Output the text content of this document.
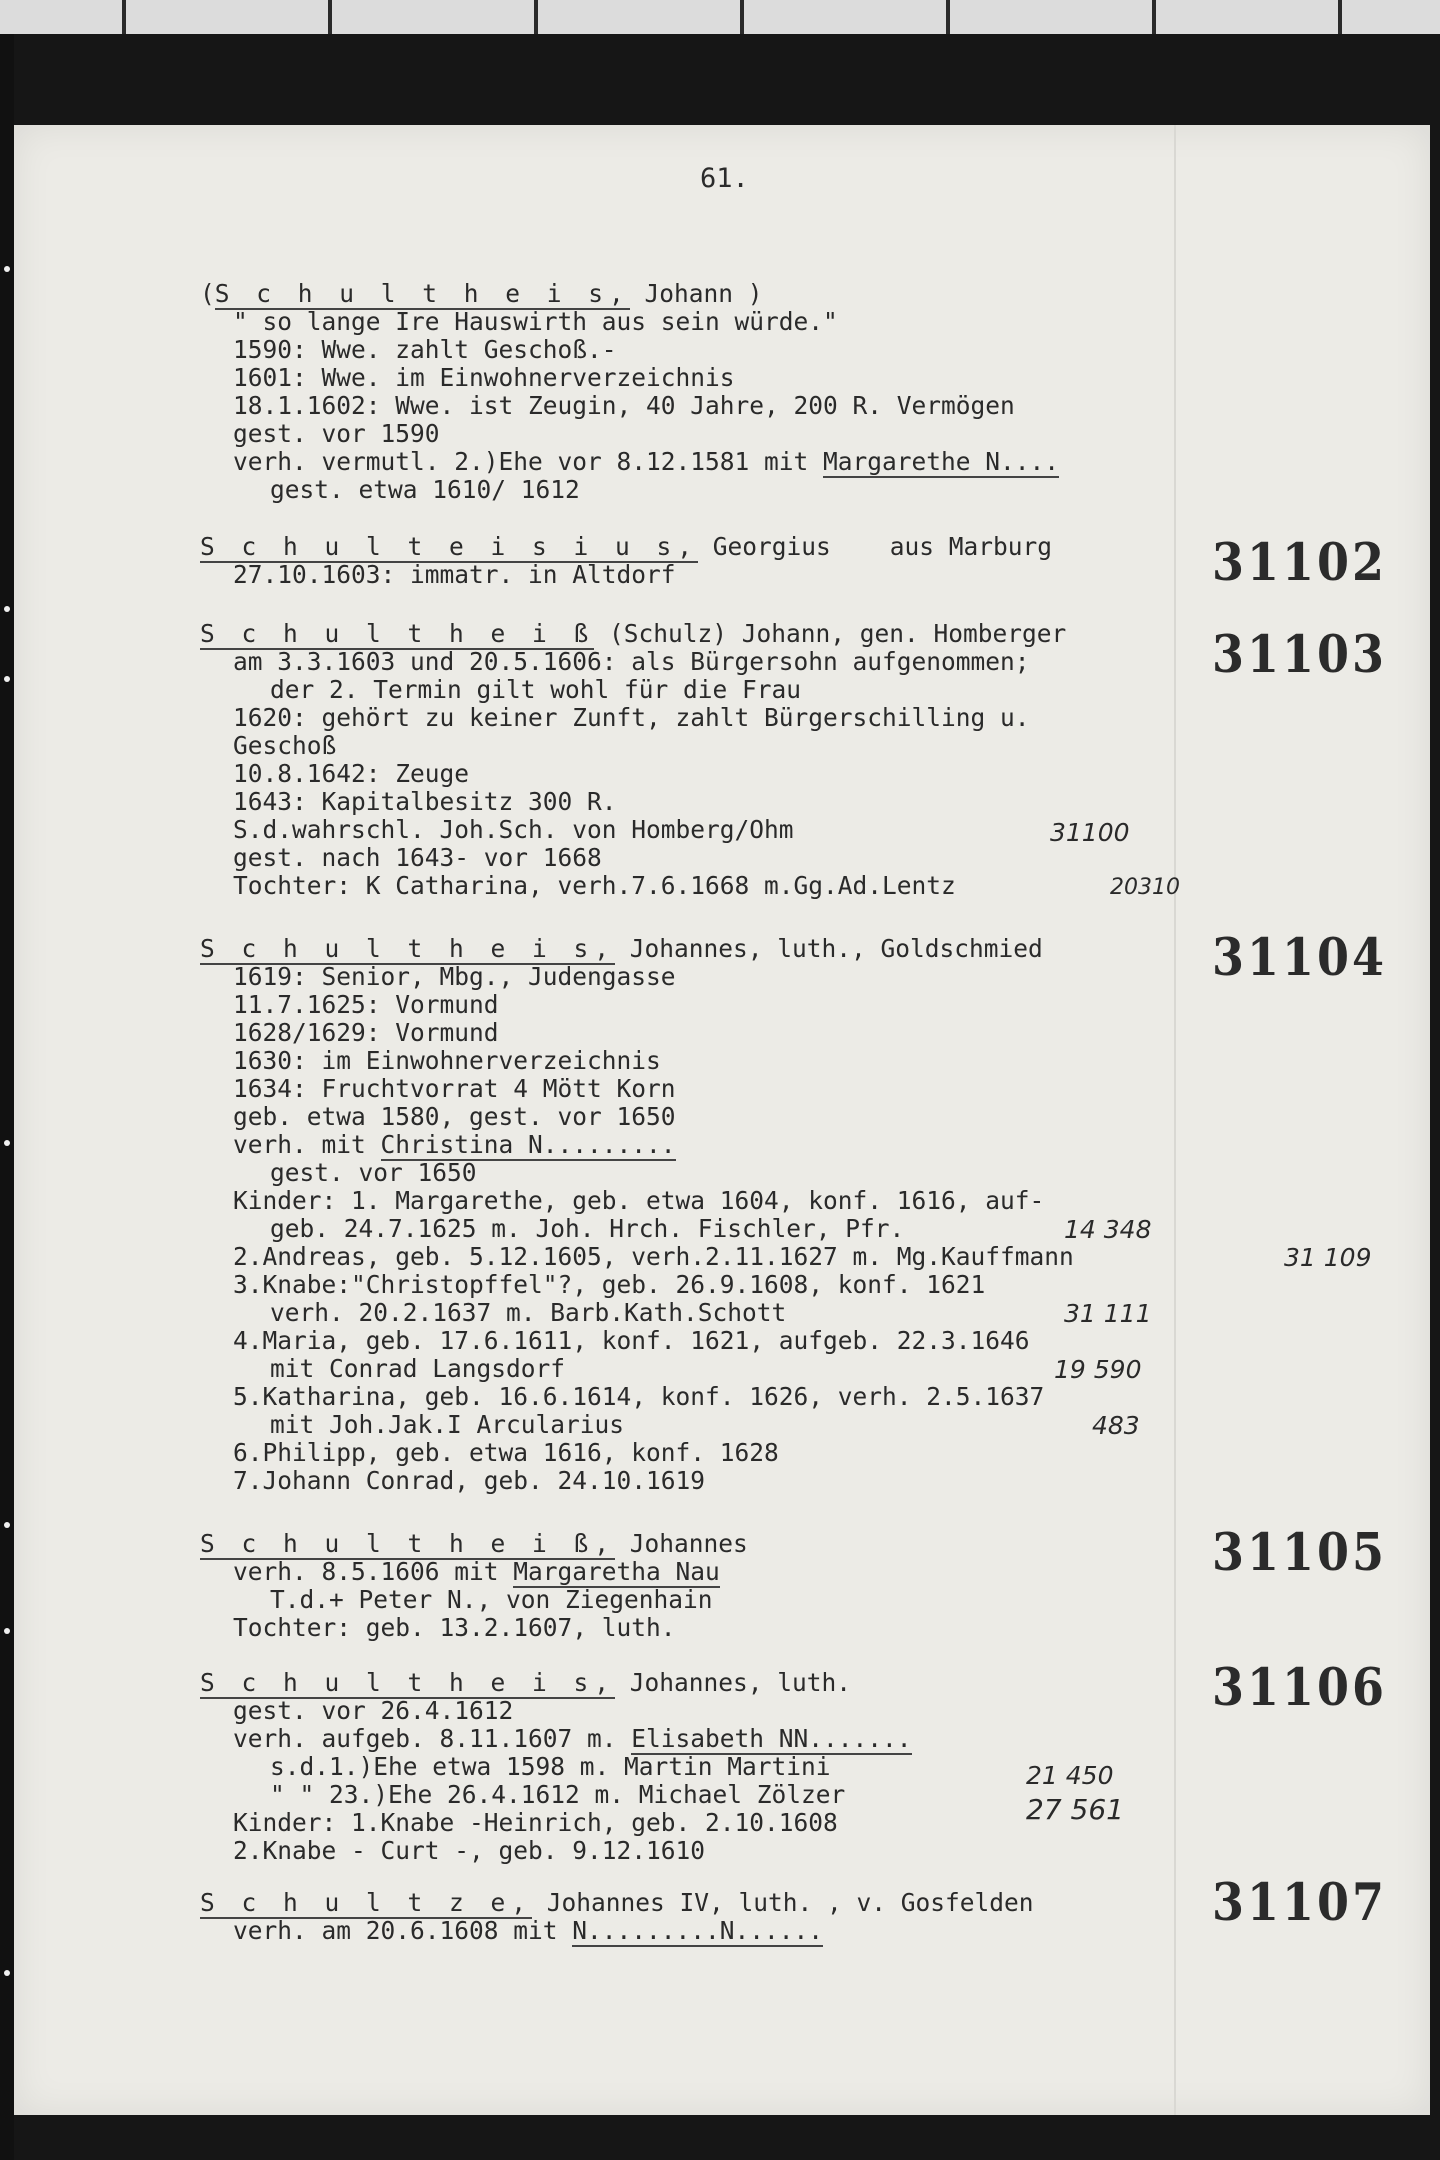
61.
(S c h u l t h e i s, Johann )
" so lange Ire Hauswirth aus sein würde."
1590: Wwe. zahlt Geschoß.-
1601: Wwe. im Einwohnerverzeichnis
18.1.1602: Wwe. ist Zeugin, 40 Jahre, 200 R. Vermögen
gest. vor 1590
verh. vermutl. 2.)Ehe vor 8.12.1581 mit Margarethe N....
gest. etwa 1610/ 1612
31102
S c h u l t e i s i u s, Georgius    aus Marburg
27.10.1603: immatr. in Altdorf
31103
S c h u l t h e i ß (Schulz) Johann, gen. Homberger
am 3.3.1603 und 20.5.1606: als Bürgersohn aufgenommen;
der 2. Termin gilt wohl für die Frau
1620: gehört zu keiner Zunft, zahlt Bürgerschilling u.
Geschoß
10.8.1642: Zeuge
1643: Kapitalbesitz 300 R.
S.d.wahrschl. Joh.Sch. von Homberg/Ohm
gest. nach 1643- vor 1668
Tochter: K Catharina, verh.7.6.1668 m.Gg.Ad.Lentz
31100
20310
31104
S c h u l t h e i s, Johannes, luth., Goldschmied
1619: Senior, Mbg., Judengasse
11.7.1625: Vormund
1628/1629: Vormund
1630: im Einwohnerverzeichnis
1634: Fruchtvorrat 4 Mött Korn
geb. etwa 1580, gest. vor 1650
verh. mit Christina N.........
gest. vor 1650
Kinder: 1. Margarethe, geb. etwa 1604, konf. 1616, auf-
geb. 24.7.1625 m. Joh. Hrch. Fischler, Pfr.
2.Andreas, geb. 5.12.1605, verh.2.11.1627 m. Mg.Kauffmann
3.Knabe:"Christopffel"?, geb. 26.9.1608, konf. 1621
verh. 20.2.1637 m. Barb.Kath.Schott
4.Maria, geb. 17.6.1611, konf. 1621, aufgeb. 22.3.1646
mit Conrad Langsdorf
5.Katharina, geb. 16.6.1614, konf. 1626, verh. 2.5.1637
mit Joh.Jak.I Arcularius
6.Philipp, geb. etwa 1616, konf. 1628
7.Johann Conrad, geb. 24.10.1619
14 348
31 109
31 111
19 590
483
31105
S c h u l t h e i ß, Johannes
verh. 8.5.1606 mit Margaretha Nau
T.d.+ Peter N., von Ziegenhain
Tochter: geb. 13.2.1607, luth.
31106
S c h u l t h e i s, Johannes, luth.
gest. vor 26.4.1612
verh. aufgeb. 8.11.1607 m. Elisabeth NN.......
s.d.1.)Ehe etwa 1598 m. Martin Martini
" " 23.)Ehe 26.4.1612 m. Michael Zölzer
Kinder: 1.Knabe -Heinrich, geb. 2.10.1608
2.Knabe - Curt -, geb. 9.12.1610
21 450
27 561
31107
S c h u l t z e, Johannes IV, luth. , v. Gosfelden
verh. am 20.6.1608 mit N.........N......
